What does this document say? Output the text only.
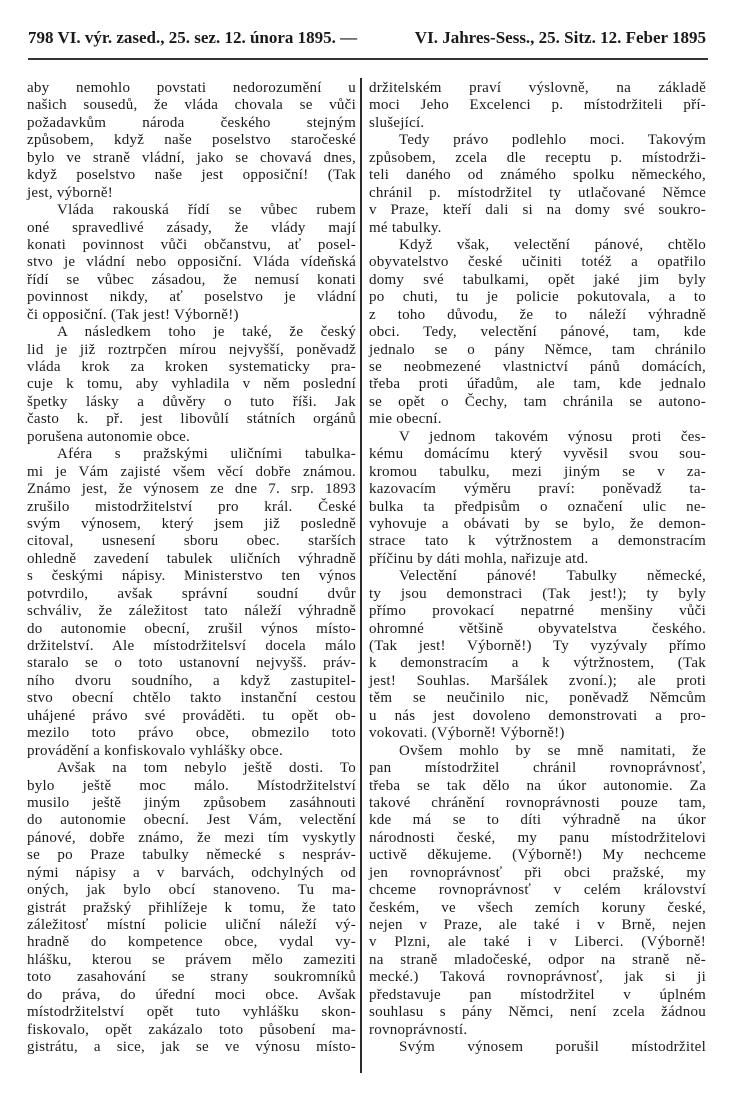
798 VI. výr. zased., 25. sez. 12. února 1895. —	VI. Jahres-Sess., 25. Sitz. 12. Feber 1895
aby nemohlo povstati nedorozumění u
našich sousedů, že vláda chovala se vůči
požadavkům národa českého stejným
způsobem, když naše poselstvo staročeské
bylo ve straně vládní, jako se chovavá dnes,
když poselstvo naše jest opposiční! (Tak
jest, výborně!
Vláda rakouská řídí se vůbec rubem
oné spravedlivé zásady, že vlády mají
konati povinnost vůči občanstvu, ať posel-
stvo je vládní nebo opposiční. Vláda vídeňská
řídí se vůbec zásadou, že nemusí konati
povinnost nikdy, ať poselstvo je vládní
či opposiční. (Tak jest! Výborně!)
A následkem toho je také, že český
lid je již roztrpčen mírou nejvyšší, poněvadž
vláda krok za kroken systematicky pra-
cuje k tomu, aby vyhladila v něm poslední
špetky lásky a důvěry o tuto říši. Jak
často k. př. jest libovůlí státních orgánů
porušena autonomie obce.
Aféra s pražskými uličními tabulka-
mi je Vám zajisté všem věcí dobře známou.
Známo jest, že výnosem ze dne 7. srp. 1893
zrušilo mistodržitelství pro král. České
svým výnosem, který jsem již posledně
citoval, usnesení sboru obec. starších
ohledně zavedení tabulek uličních výhradně
s českými nápisy. Ministerstvo ten výnos
potvrdilo, avšak správní soudní dvůr
schváliv, že záležitost tato náleží výhradně
do autonomie obecní, zrušil výnos místo-
držitelství. Ale místodržitelsví docela málo
staralo se o toto ustanovní nejvyšš. práv-
ního dvoru soudního, a když zastupitel-
stvo obecní chtělo takto instanční cestou
uhájené právo své prováděti. tu opět ob-
mezilo toto právo obce, obmezilo toto
provádění a konfiskovalo vyhlášky obce.
Avšak na tom nebylo ještě dosti. To
bylo ještě moc málo. Místodržitelství
musilo ještě jiným způsobem zasáhnouti
do autonomie obecní. Jest Vám, velectění
pánové, dobře známo, že mezi tím vyskytly
se po Praze tabulky německé s nespráv-
nými nápisy a v barvách, odchylných od
oných, jak bylo obcí stanoveno. Tu ma-
gistrát pražský přihlížeje k tomu, že tato
záležitosť místní policie uliční náleží vý-
hradně do kompetence obce, vydal vy-
hlášku, kterou se právem mělo zameziti
toto zasahování se strany soukromníků
do práva, do úřední moci obce. Avšak
místodržitelství opět tuto vyhlášku skon-
fiskovalo, opět zakázalo toto působení ma-
gistrátu, a sice, jak se ve výnosu místo-
držitelském praví výslovně, na základě
moci Jeho Excelenci p. místodržiteli pří-
slušející.
Tedy právo podlehlo moci. Takovým
způsobem, zcela dle receptu p. místodrži-
teli daného od známého spolku německého,
chránil p. místodržitel ty utlačované Němce
v Praze, kteří dali si na domy své soukro-
mé tabulky.
Když však, velectění pánové, chtělo
obyvatelstvo české učiniti totéž a opatřilo
domy své tabulkami, opět jaké jim byly
po chuti, tu je policie pokutovala, a to
z toho důvodu, že to náleží výhradně
obci. Tedy, velectění pánové, tam, kde
jednalo se o pány Němce, tam chránilo
se neobmezené vlastnictví pánů domácích,
třeba proti úřadům, ale tam, kde jednalo
se opět o Čechy, tam chránila se autono-
mie obecní.
V jednom takovém výnosu proti čes-
kému domácímu který vyvěsil svou sou-
kromou tabulku, mezi jiným se v za-
kazovacím výměru praví: poněvadž ta-
bulka ta předpisům o označení ulic ne-
vyhovuje a obávati by se bylo, že demon-
strace tato k výtržnostem a demonstracím
příčinu by dáti mohla, nařizuje atd.
Velectění pánové! Tabulky německé,
ty jsou demonstraci (Tak jest!); ty byly
přímo provokací nepatrné menšiny vůči
ohromné většině obyvatelstva českého.
(Tak jest! Výborně!) Ty vyzývaly přímo
k demonstracím a k výtržnostem, (Tak
jest! Souhlas. Maršálek zvoní.); ale proti
těm se neučinilo nic, poněvadž Němcům
u nás jest dovoleno demonstrovati a pro-
vokovati. (Výborně! Výborně!)
Ovšem mohlo by se mně namitati, že
pan místodržitel chránil rovnoprávnosť,
třeba se tak dělo na úkor autonomie. Za
takové chránění rovnoprávnosti pouze tam,
kde má se to díti výhradně na úkor
národnosti české, my panu místodržitelovi
uctivě děkujeme. (Výborně!) My nechceme
jen rovnoprávnosť při obci pražské, my
chceme rovnoprávnosť v celém království
českém, ve všech zemích koruny české,
nejen v Praze, ale také i v Brně, nejen
v Plzni, ale také i v Liberci. (Výborně!
na straně mladočeské, odpor na straně ně-
mecké.) Taková rovnoprávnosť, jak si ji
představuje pan místodržitel v úplném
souhlasu s pány Němci, není zcela žádnou
rovnoprávností.
Svým výnosem porušil místodržitel
